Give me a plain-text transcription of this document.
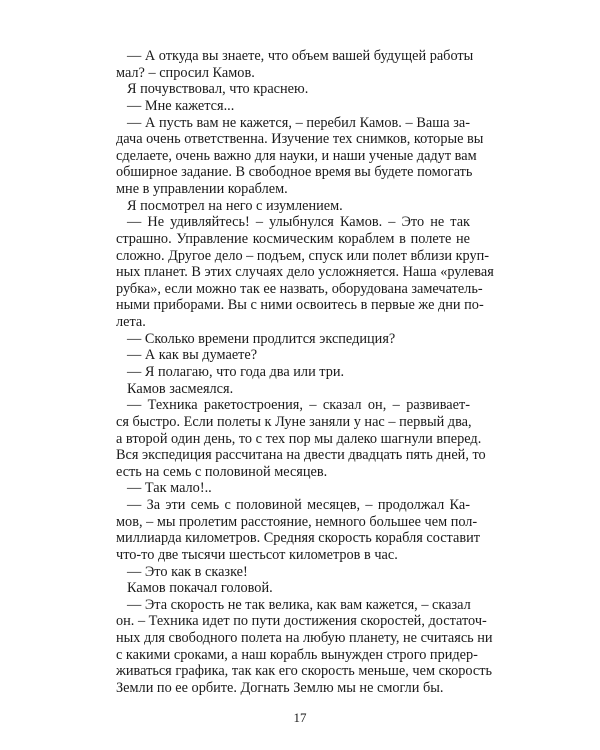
— А откуда вы знаете, что объем вашей будущей работы

мал? – спросил Камов.

Я почувствовал, что краснею.

— Мне кажется...

— А пусть вам не кажется, – перебил Камов. – Ваша за-

дача очень ответственна. Изучение тех снимков, которые вы

сделаете, очень важно для науки, и наши ученые дадут вам

обширное задание. В свободное время вы будете помогать

мне в управлении кораблем.

Я посмотрел на него с изумлением.

— Не удивляйтесь! – улыбнулся Камов. – Это не так

страшно. Управление космическим кораблем в полете не

сложно. Другое дело – подъем, спуск или полет вблизи круп-

ных планет. В этих случаях дело усложняется. Наша «рулевая

рубка», если можно так ее назвать, оборудована замечатель-

ными приборами. Вы с ними освоитесь в первые же дни по-

лета.

— Сколько времени продлится экспедиция?

— А как вы думаете?

— Я полагаю, что года два или три.

Камов засмеялся.

— Техника ракетостроения, – сказал он, – развивает-

ся быстро. Если полеты к Луне заняли у нас – первый два,

а второй один день, то с тех пор мы далеко шагнули вперед.

Вся экспедиция рассчитана на двести двадцать пять дней, то

есть на семь с половиной месяцев.

— Так мало!..

— За эти семь с половиной месяцев, – продолжал Ка-

мов, – мы пролетим расстояние, немного большее чем пол-

миллиарда километров. Средняя скорость корабля составит

что-то две тысячи шестьсот километров в час.

— Это как в сказке!

Камов покачал головой.

— Эта скорость не так велика, как вам кажется, – сказал

он. – Техника идет по пути достижения скоростей, достаточ-

ных для свободного полета на любую планету, не считаясь ни

с какими сроками, а наш корабль вынужден строго придер-

живаться графика, так как его скорость меньше, чем скорость

Земли по ее орбите. Догнать Землю мы не смогли бы.

17
